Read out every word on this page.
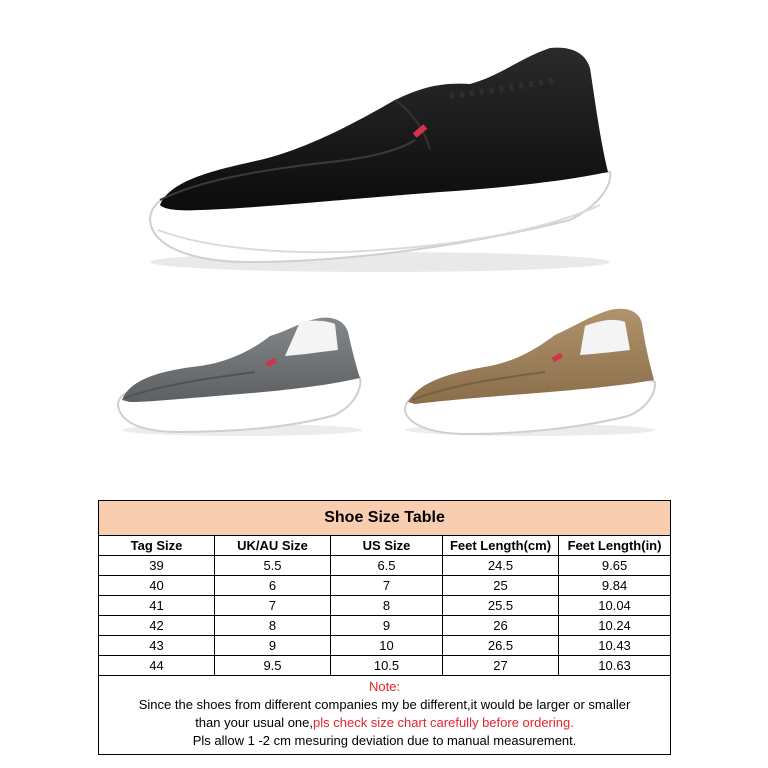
Shoe Size Table				
Tag Size	UK/AU Size	US Size	Feet Length(cm)	Feet Length(in)
39	5.5	6.5	24.5	9.65
40	6	7	25	9.84
41	7	8	25.5	10.04
42	8	9	26	10.24
43	9	10	26.5	10.43
44	9.5	10.5	27	10.63

Note:
Since the shoes from different companies my be different,it would be larger or smaller
than your usual one,pls check size chart carefully before ordering.
Pls allow 1 -2 cm mesuring deviation due to manual measurement.				
